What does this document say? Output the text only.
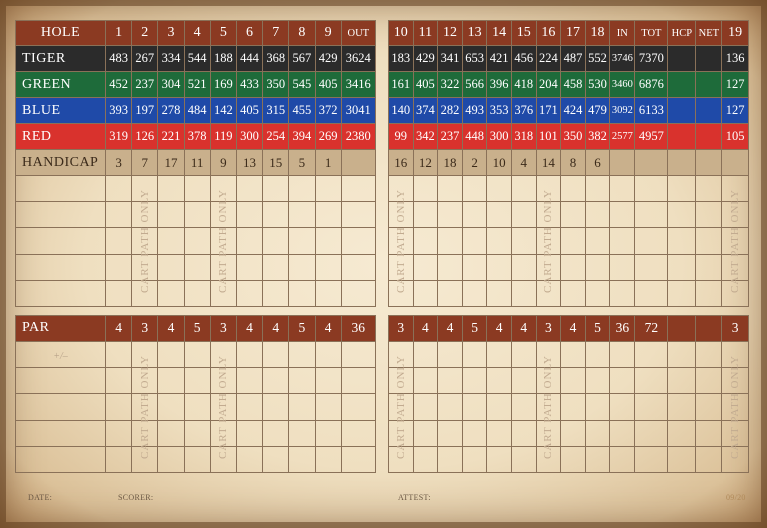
HOLE	1	2	3	4	5	6	7	8	9	OUT
TIGER	483	267	334	544	188	444	368	567	429	3624
GREEN	452	237	304	521	169	433	350	545	405	3416
BLUE	393	197	278	484	142	405	315	455	372	3041
RED	319	126	221	378	119	300	254	394	269	2380
HANDICAP	3	7	17	11	9	13	15	5	1	

PAR	4	3	4	5	3	4	4	5	4	36
+/–										

10	11	12	13	14	15	16	17	18	IN	TOT	HCP	NET	19
183	429	341	653	421	456	224	487	552	3746	7370			136
161	405	322	566	396	418	204	458	530	3460	6876			127
140	374	282	493	353	376	171	424	479	3092	6133			127
99	342	237	448	300	318	101	350	382	2577	4957			105
16	12	18	2	10	4	14	8	6					

3	4	4	5	4	4	3	4	5	36	72			3

CART PATH ONLY
CART PATH ONLY
CART PATH ONLY
CART PATH ONLY
CART PATH ONLY
CART PATH ONLY
CART PATH ONLY
CART PATH ONLY
CART PATH ONLY
CART PATH ONLY
DATE:	SCORER:	ATTEST:	09/20
